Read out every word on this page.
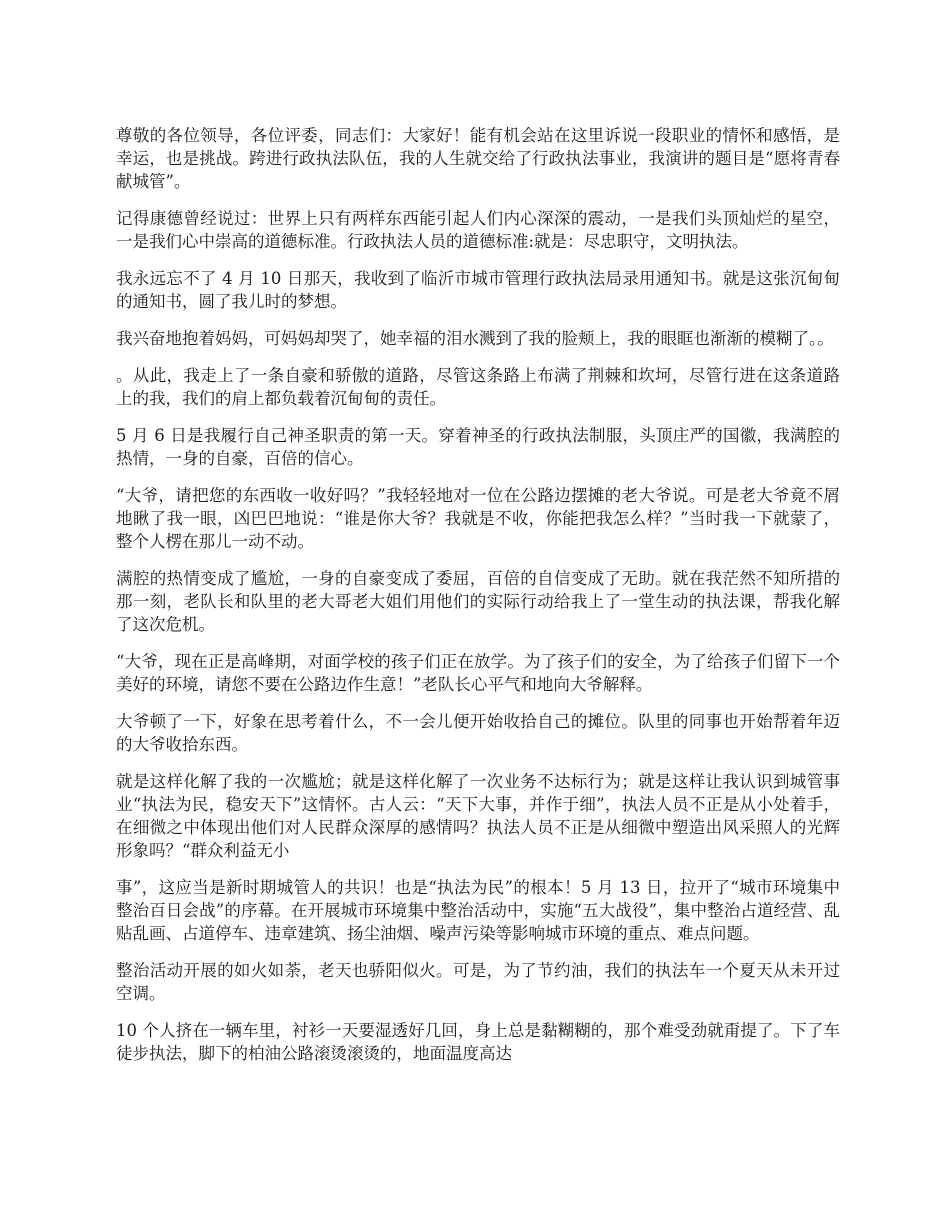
尊敬的各位领导，各位评委，同志们：大家好！能有机会站在这里诉说一段职业的情怀和感悟，是幸运，也是挑战。跨进行政执法队伍，我的人生就交给了行政执法事业，我演讲的题目是“愿将青春献城管”。

记得康德曾经说过：世界上只有两样东西能引起人们内心深深的震动，一是我们头顶灿烂的星空，一是我们心中崇高的道德标准。行政执法人员的道德标准:就是：尽忠职守，文明执法。

我永远忘不了 4 月 10 日那天，我收到了临沂市城市管理行政执法局录用通知书。就是这张沉甸甸的通知书，圆了我儿时的梦想。

我兴奋地抱着妈妈，可妈妈却哭了，她幸福的泪水溅到了我的脸颊上，我的眼眶也渐渐的模糊了。。

。从此，我走上了一条自豪和骄傲的道路，尽管这条路上布满了荆棘和坎坷，尽管行进在这条道路上的我，我们的肩上都负载着沉甸甸的责任。

5 月 6 日是我履行自己神圣职责的第一天。穿着神圣的行政执法制服，头顶庄严的国徽，我满腔的热情，一身的自豪，百倍的信心。

“大爷，请把您的东西收一收好吗？”我轻轻地对一位在公路边摆摊的老大爷说。可是老大爷竟不屑地瞅了我一眼，凶巴巴地说：“谁是你大爷？我就是不收，你能把我怎么样？”当时我一下就蒙了，整个人楞在那儿一动不动。

满腔的热情变成了尴尬，一身的自豪变成了委屈，百倍的自信变成了无助。就在我茫然不知所措的那一刻，老队长和队里的老大哥老大姐们用他们的实际行动给我上了一堂生动的执法课，帮我化解了这次危机。

“大爷，现在正是高峰期，对面学校的孩子们正在放学。为了孩子们的安全，为了给孩子们留下一个美好的环境，请您不要在公路边作生意！”老队长心平气和地向大爷解释。

大爷顿了一下，好象在思考着什么，不一会儿便开始收拾自己的摊位。队里的同事也开始帮着年迈的大爷收拾东西。

就是这样化解了我的一次尴尬；就是这样化解了一次业务不达标行为；就是这样让我认识到城管事业“执法为民，稳安天下”这情怀。古人云：“天下大事，并作于细”，执法人员不正是从小处着手，在细微之中体现出他们对人民群众深厚的感情吗？执法人员不正是从细微中塑造出风采照人的光辉形象吗？“群众利益无小

事”，这应当是新时期城管人的共识！也是“执法为民”的根本！5 月 13 日，拉开了“城市环境集中整治百日会战”的序幕。在开展城市环境集中整治活动中，实施“五大战役”，集中整治占道经营、乱贴乱画、占道停车、违章建筑、扬尘油烟、噪声污染等影响城市环境的重点、难点问题。

整治活动开展的如火如荼，老天也骄阳似火。可是，为了节约油，我们的执法车一个夏天从未开过空调。

10 个人挤在一辆车里，衬衫一天要湿透好几回，身上总是黏糊糊的，那个难受劲就甭提了。下了车徒步执法，脚下的柏油公路滚烫滚烫的，地面温度高达
